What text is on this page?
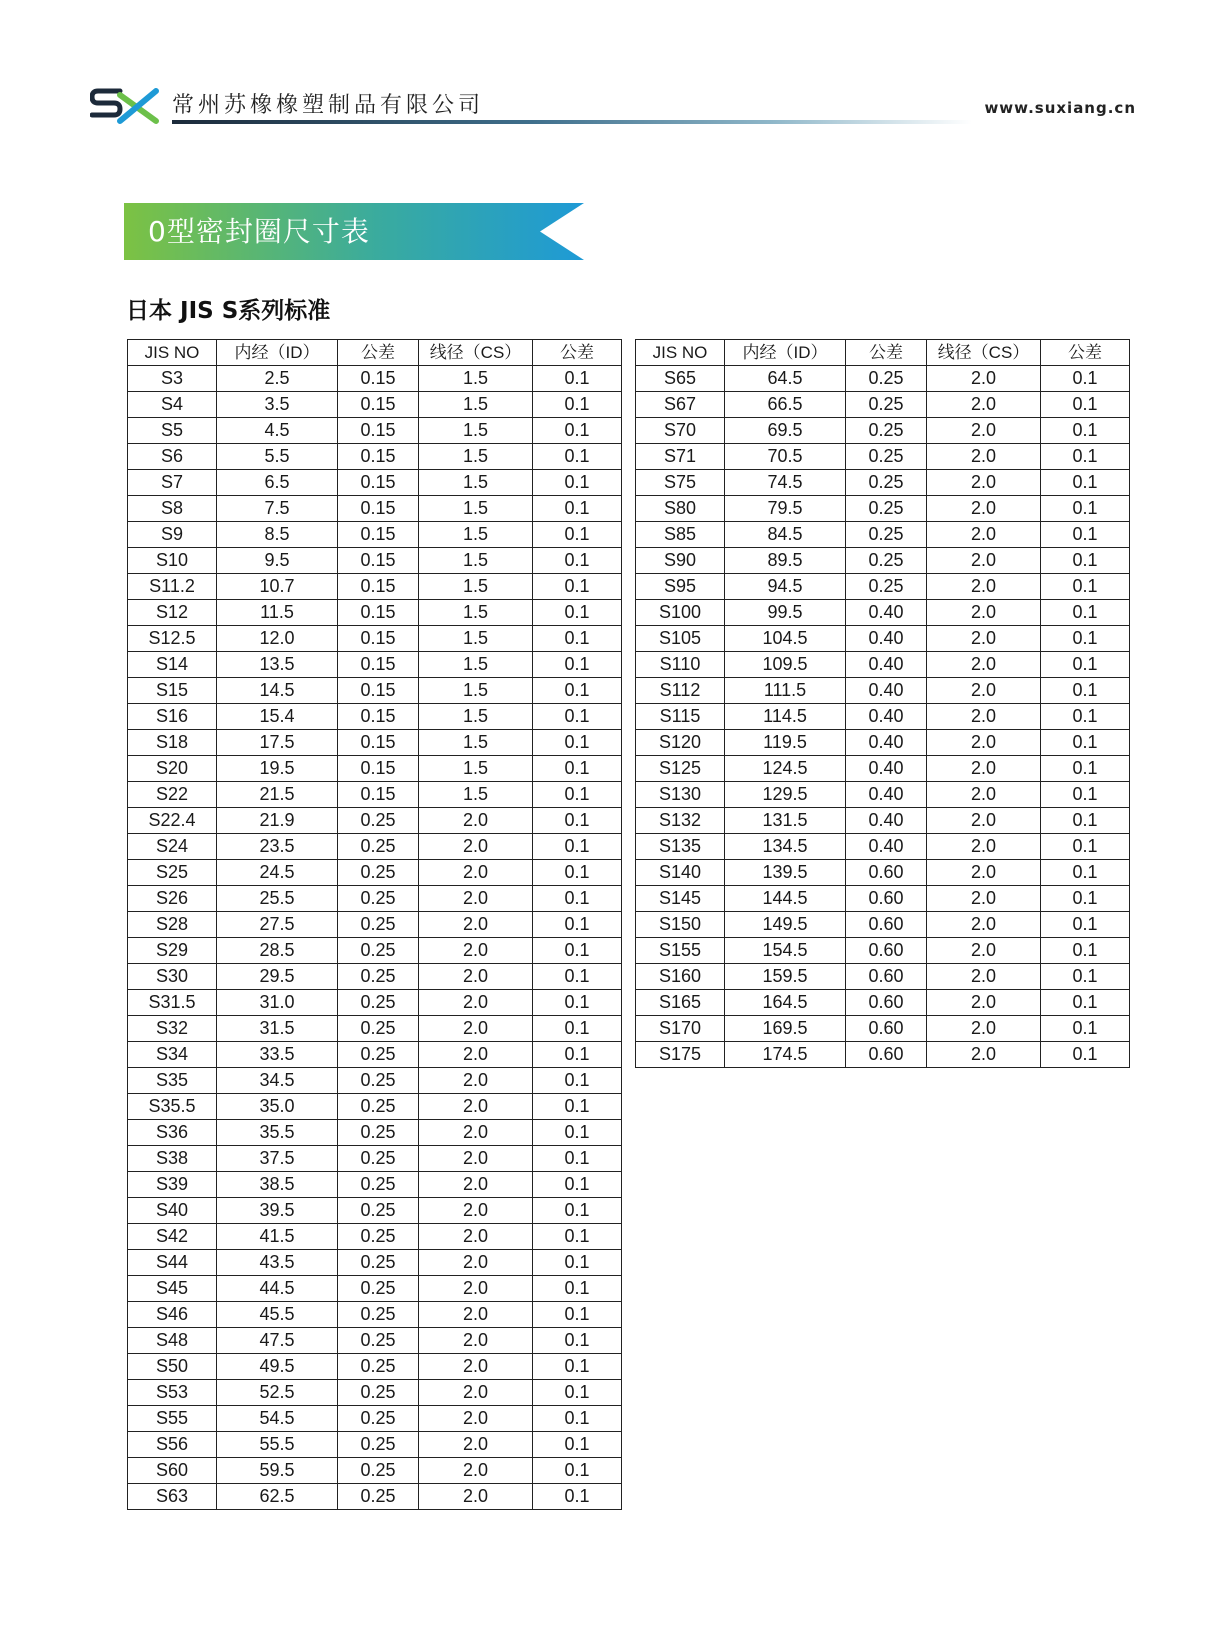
常州苏橡橡塑制品有限公司	www.suxiang.cn
0型密封圈尺寸表
日本 JIS S系列标准
JIS NO	内经（ID）	公差	线径（CS）	公差
S3	2.5	0.15	1.5	0.1
S4	3.5	0.15	1.5	0.1
S5	4.5	0.15	1.5	0.1
S6	5.5	0.15	1.5	0.1
S7	6.5	0.15	1.5	0.1
S8	7.5	0.15	1.5	0.1
S9	8.5	0.15	1.5	0.1
S10	9.5	0.15	1.5	0.1
S11.2	10.7	0.15	1.5	0.1
S12	11.5	0.15	1.5	0.1
S12.5	12.0	0.15	1.5	0.1
S14	13.5	0.15	1.5	0.1
S15	14.5	0.15	1.5	0.1
S16	15.4	0.15	1.5	0.1
S18	17.5	0.15	1.5	0.1
S20	19.5	0.15	1.5	0.1
S22	21.5	0.15	1.5	0.1
S22.4	21.9	0.25	2.0	0.1
S24	23.5	0.25	2.0	0.1
S25	24.5	0.25	2.0	0.1
S26	25.5	0.25	2.0	0.1
S28	27.5	0.25	2.0	0.1
S29	28.5	0.25	2.0	0.1
S30	29.5	0.25	2.0	0.1
S31.5	31.0	0.25	2.0	0.1
S32	31.5	0.25	2.0	0.1
S34	33.5	0.25	2.0	0.1
S35	34.5	0.25	2.0	0.1
S35.5	35.0	0.25	2.0	0.1
S36	35.5	0.25	2.0	0.1
S38	37.5	0.25	2.0	0.1
S39	38.5	0.25	2.0	0.1
S40	39.5	0.25	2.0	0.1
S42	41.5	0.25	2.0	0.1
S44	43.5	0.25	2.0	0.1
S45	44.5	0.25	2.0	0.1
S46	45.5	0.25	2.0	0.1
S48	47.5	0.25	2.0	0.1
S50	49.5	0.25	2.0	0.1
S53	52.5	0.25	2.0	0.1
S55	54.5	0.25	2.0	0.1
S56	55.5	0.25	2.0	0.1
S60	59.5	0.25	2.0	0.1
S63	62.5	0.25	2.0	0.1
JIS NO	内经（ID）	公差	线径（CS）	公差
S65	64.5	0.25	2.0	0.1
S67	66.5	0.25	2.0	0.1
S70	69.5	0.25	2.0	0.1
S71	70.5	0.25	2.0	0.1
S75	74.5	0.25	2.0	0.1
S80	79.5	0.25	2.0	0.1
S85	84.5	0.25	2.0	0.1
S90	89.5	0.25	2.0	0.1
S95	94.5	0.25	2.0	0.1
S100	99.5	0.40	2.0	0.1
S105	104.5	0.40	2.0	0.1
S110	109.5	0.40	2.0	0.1
S112	111.5	0.40	2.0	0.1
S115	114.5	0.40	2.0	0.1
S120	119.5	0.40	2.0	0.1
S125	124.5	0.40	2.0	0.1
S130	129.5	0.40	2.0	0.1
S132	131.5	0.40	2.0	0.1
S135	134.5	0.40	2.0	0.1
S140	139.5	0.60	2.0	0.1
S145	144.5	0.60	2.0	0.1
S150	149.5	0.60	2.0	0.1
S155	154.5	0.60	2.0	0.1
S160	159.5	0.60	2.0	0.1
S165	164.5	0.60	2.0	0.1
S170	169.5	0.60	2.0	0.1
S175	174.5	0.60	2.0	0.1
